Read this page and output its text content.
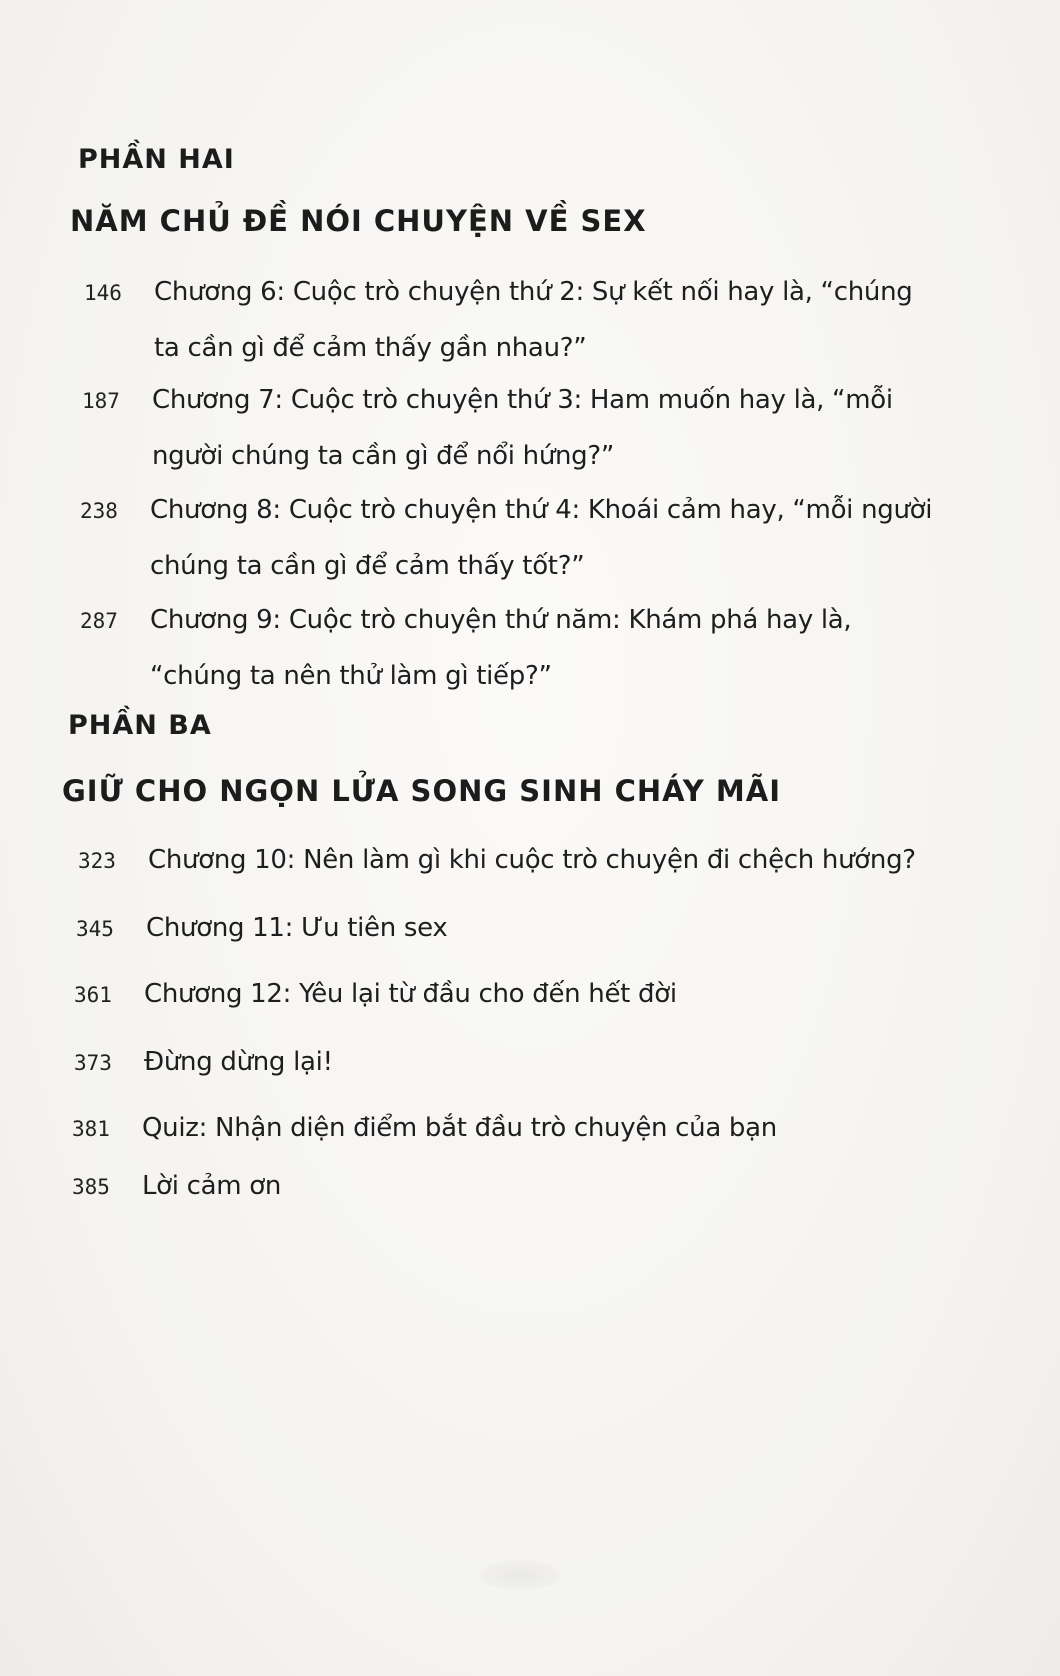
PHẦN HAI
NĂM CHỦ ĐỀ NÓI CHUYỆN VỀ SEX
146	Chương 6: Cuộc trò chuyện thứ 2: Sự kết nối hay là, “chúng ta cần gì để cảm thấy gần nhau?”
187	Chương 7: Cuộc trò chuyện thứ 3: Ham muốn hay là, “mỗi người chúng ta cần gì để nổi hứng?”
238	Chương 8: Cuộc trò chuyện thứ 4: Khoái cảm hay, “mỗi người chúng ta cần gì để cảm thấy tốt?”
287	Chương 9: Cuộc trò chuyện thứ năm: Khám phá hay là, “chúng ta nên thử làm gì tiếp?”
PHẦN BA
GIỮ CHO NGỌN LỬA SONG SINH CHÁY MÃI
323	Chương 10: Nên làm gì khi cuộc trò chuyện đi chệch hướng?
345	Chương 11: Ưu tiên sex
361	Chương 12: Yêu lại từ đầu cho đến hết đời
373	Đừng dừng lại!
381	Quiz: Nhận diện điểm bắt đầu trò chuyện của bạn
385	Lời cảm ơn
